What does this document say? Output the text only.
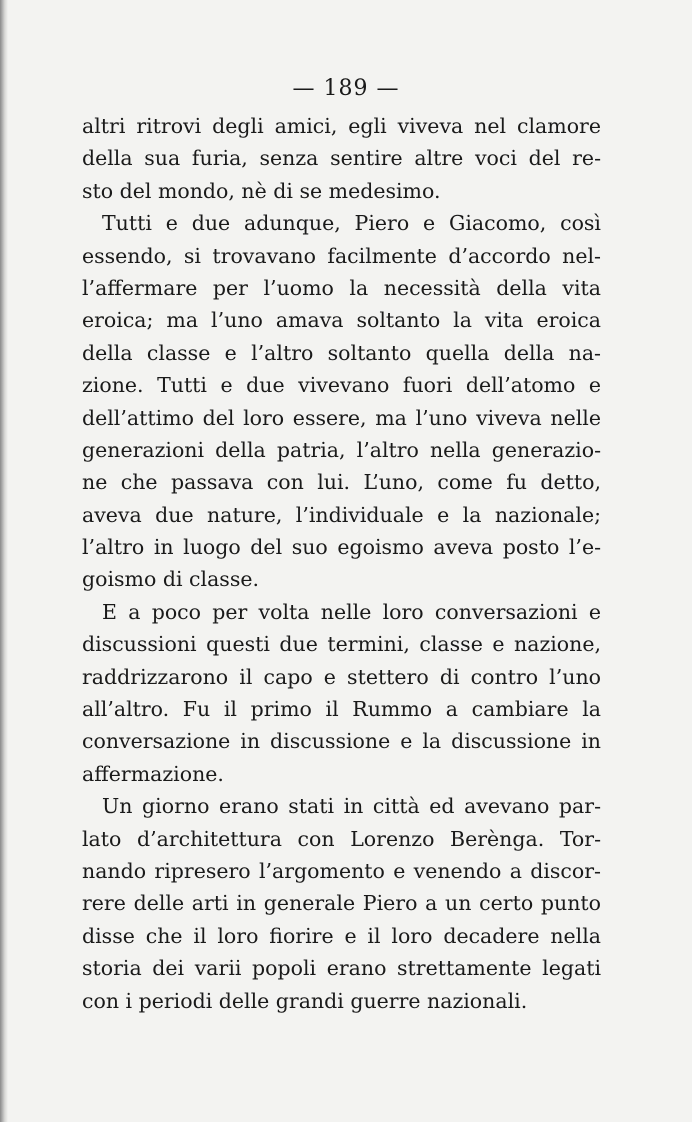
— 189 —
altri ritrovi degli amici, egli viveva nel clamore
della sua furia, senza sentire altre voci del re-
sto del mondo, nè di se medesimo.
Tutti e due adunque, Piero e Giacomo, così
essendo, si trovavano facilmente d’accordo nel-
l’affermare per l’uomo la necessità della vita
eroica; ma l’uno amava soltanto la vita eroica
della classe e l’altro soltanto quella della na-
zione. Tutti e due vivevano fuori dell’atomo e
dell’attimo del loro essere, ma l’uno viveva nelle
generazioni della patria, l’altro nella generazio-
ne che passava con lui. L’uno, come fu detto,
aveva due nature, l’individuale e la nazionale;
l’altro in luogo del suo egoismo aveva posto l’e-
goismo di classe.
E a poco per volta nelle loro conversazioni e
discussioni questi due termini, classe e nazione,
raddrizzarono il capo e stettero di contro l’uno
all’altro. Fu il primo il Rummo a cambiare la
conversazione in discussione e la discussione in
affermazione.
Un giorno erano stati in città ed avevano par-
lato d’architettura con Lorenzo Berènga. Tor-
nando ripresero l’argomento e venendo a discor-
rere delle arti in generale Piero a un certo punto
disse che il loro fiorire e il loro decadere nella
storia dei varii popoli erano strettamente legati
con i periodi delle grandi guerre nazionali.
